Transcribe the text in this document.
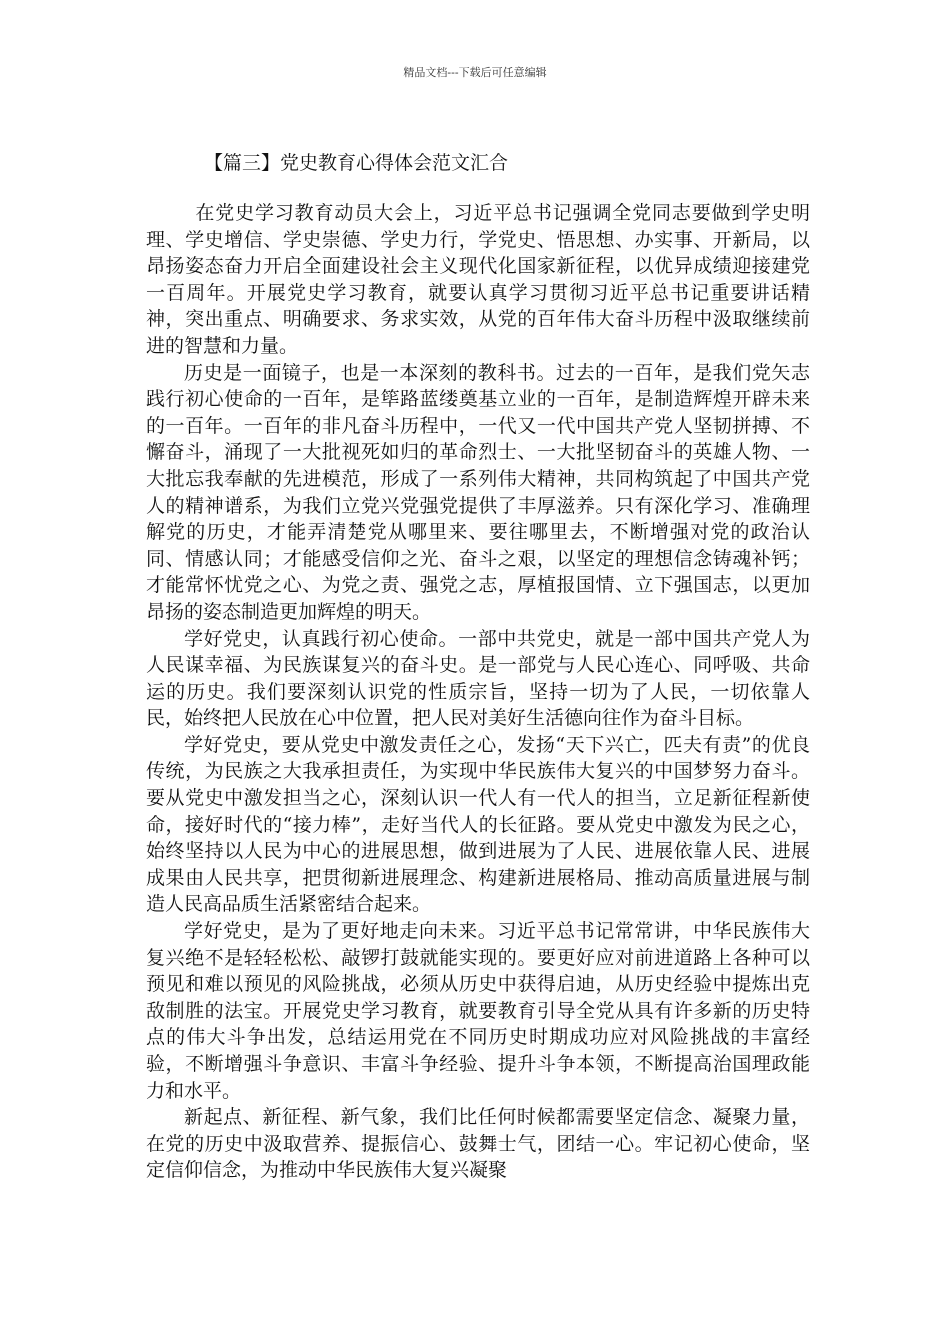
精品文档---下载后可任意编辑
【篇三】党史教育心得体会范文汇合

在党史学习教育动员大会上，习近平总书记强调全党同志要做到学史明理、学史增信、学史崇德、学史力行，学党史、悟思想、办实事、开新局，以昂扬姿态奋力开启全面建设社会主义现代化国家新征程，以优异成绩迎接建党一百周年。开展党史学习教育，就要认真学习贯彻习近平总书记重要讲话精神，突出重点、明确要求、务求实效，从党的百年伟大奋斗历程中汲取继续前进的智慧和力量。

历史是一面镜子，也是一本深刻的教科书。过去的一百年，是我们党矢志践行初心使命的一百年，是筚路蓝缕奠基立业的一百年，是制造辉煌开辟未来的一百年。一百年的非凡奋斗历程中，一代又一代中国共产党人坚韧拼搏、不懈奋斗，涌现了一大批视死如归的革命烈士、一大批坚韧奋斗的英雄人物、一大批忘我奉献的先进模范，形成了一系列伟大精神，共同构筑起了中国共产党人的精神谱系，为我们立党兴党强党提供了丰厚滋养。只有深化学习、准确理解党的历史，才能弄清楚党从哪里来、要往哪里去，不断增强对党的政治认同、情感认同；才能感受信仰之光、奋斗之艰，以坚定的理想信念铸魂补钙；才能常怀忧党之心、为党之责、强党之志，厚植报国情、立下强国志，以更加昂扬的姿态制造更加辉煌的明天。

学好党史，认真践行初心使命。一部中共党史，就是一部中国共产党人为人民谋幸福、为民族谋复兴的奋斗史。是一部党与人民心连心、同呼吸、共命运的历史。我们要深刻认识党的性质宗旨，坚持一切为了人民，一切依靠人民，始终把人民放在心中位置，把人民对美好生活德向往作为奋斗目标。

学好党史，要从党史中激发责任之心，发扬“天下兴亡，匹夫有责”的优良传统，为民族之大我承担责任，为实现中华民族伟大复兴的中国梦努力奋斗。要从党史中激发担当之心，深刻认识一代人有一代人的担当，立足新征程新使命，接好时代的“接力棒”，走好当代人的长征路。要从党史中激发为民之心，始终坚持以人民为中心的进展思想，做到进展为了人民、进展依靠人民、进展成果由人民共享，把贯彻新进展理念、构建新进展格局、推动高质量进展与制造人民高品质生活紧密结合起来。

学好党史，是为了更好地走向未来。习近平总书记常常讲，中华民族伟大复兴绝不是轻轻松松、敲锣打鼓就能实现的。要更好应对前进道路上各种可以预见和难以预见的风险挑战，必须从历史中获得启迪，从历史经验中提炼出克敌制胜的法宝。开展党史学习教育，就要教育引导全党从具有许多新的历史特点的伟大斗争出发，总结运用党在不同历史时期成功应对风险挑战的丰富经验，不断增强斗争意识、丰富斗争经验、提升斗争本领，不断提高治国理政能力和水平。

新起点、新征程、新气象，我们比任何时候都需要坚定信念、凝聚力量，在党的历史中汲取营养、提振信心、鼓舞士气，团结一心。牢记初心使命，坚定信仰信念，为推动中华民族伟大复兴凝聚
